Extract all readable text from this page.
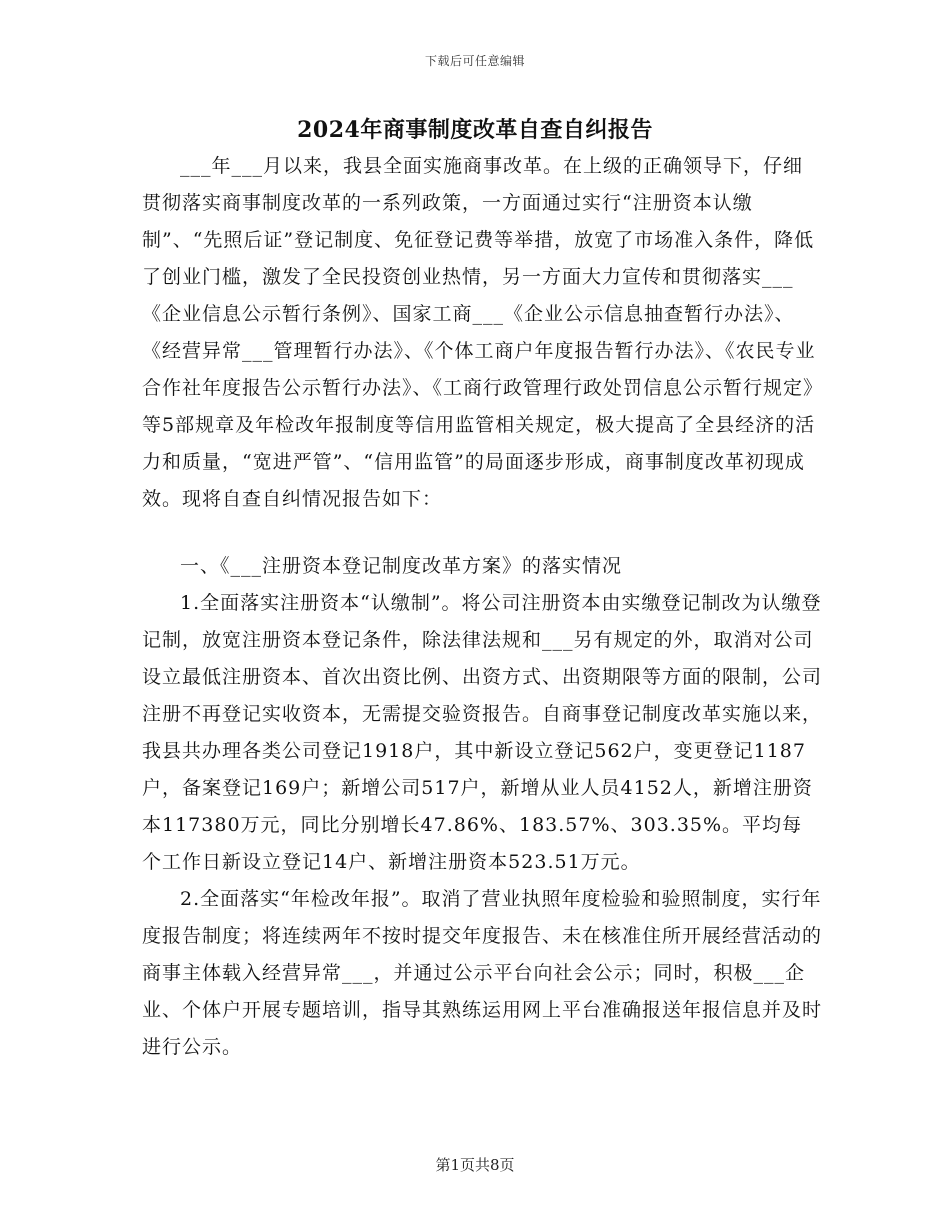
下载后可任意编辑
2024年商事制度改革自查自纠报告

___年___月以来，我县全面实施商事改革。在上级的正确领导下，仔细贯彻落实商事制度改革的一系列政策，一方面通过实行“注册资本认缴制”、“先照后证”登记制度、免征登记费等举措，放宽了市场准入条件，降低了创业门槛，激发了全民投资创业热情，另一方面大力宣传和贯彻落实___《企业信息公示暂行条例》、国家工商___《企业公示信息抽查暂行办法》、《经营异常___管理暂行办法》、《个体工商户年度报告暂行办法》、《农民专业合作社年度报告公示暂行办法》、《工商行政管理行政处罚信息公示暂行规定》等5部规章及年检改年报制度等信用监管相关规定，极大提高了全县经济的活力和质量，“宽进严管”、“信用监管”的局面逐步形成，商事制度改革初现成效。现将自查自纠情况报告如下：

一、《___注册资本登记制度改革方案》的落实情况

1.全面落实注册资本“认缴制”。将公司注册资本由实缴登记制改为认缴登记制，放宽注册资本登记条件，除法律法规和___另有规定的外，取消对公司设立最低注册资本、首次出资比例、出资方式、出资期限等方面的限制，公司注册不再登记实收资本，无需提交验资报告。自商事登记制度改革实施以来，我县共办理各类公司登记1918户，其中新设立登记562户，变更登记1187户，备案登记169户；新增公司517户，新增从业人员4152人，新增注册资本117380万元，同比分别增长47.86%、183.57%、303.35%。平均每个工作日新设立登记14户、新增注册资本523.51万元。

2.全面落实“年检改年报”。取消了营业执照年度检验和验照制度，实行年度报告制度；将连续两年不按时提交年度报告、未在核准住所开展经营活动的商事主体载入经营异常___，并通过公示平台向社会公示；同时，积极___企业、个体户开展专题培训，指导其熟练运用网上平台准确报送年报信息并及时进行公示。

第1页共8页
